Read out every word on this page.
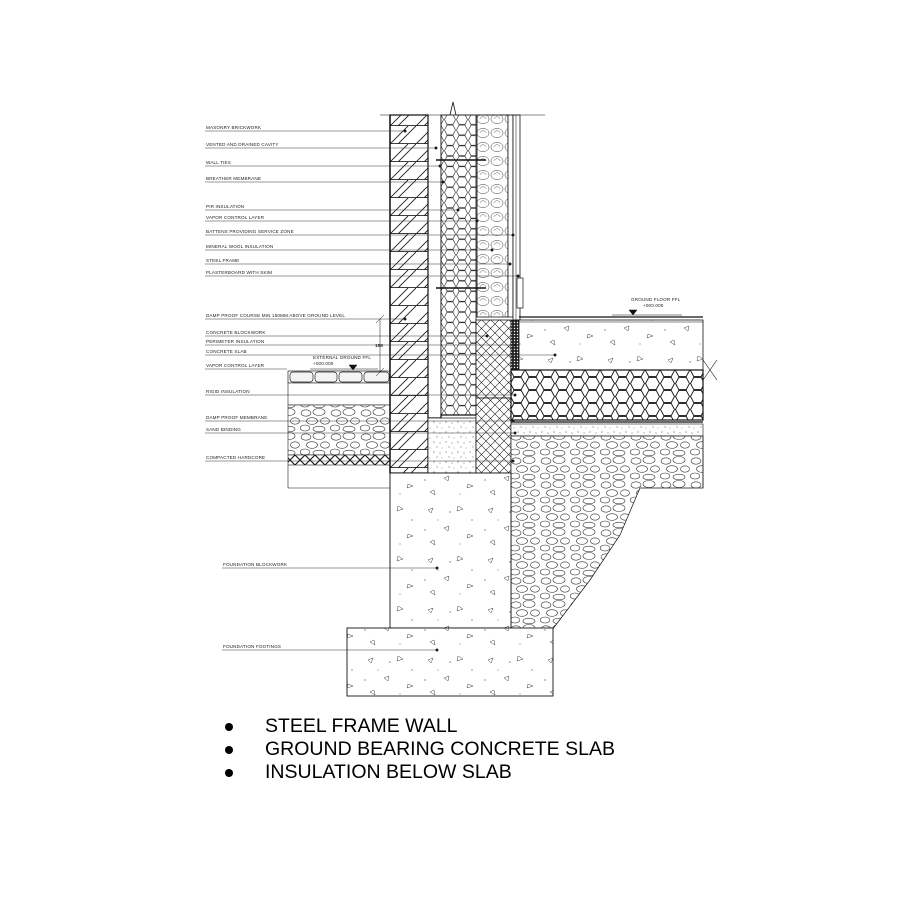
MASONRY BRICKWORK
VENTED AND DRAINED CAVITY
WALL TIES
BREATHER MEMBRANE
PIR INSULATION
VAPOR CONTROL LAYER
BATTENS PROVIDING SERVICE ZONE
MINERAL WOOL INSULATION
STEEL FRAME
PLASTERBOARD WITH SKIM
DAMP PROOF COURSE MIN 150MM ABOVE GROUND LEVEL
CONCRETE BLOCKWORK
PERIMETER INSULATION
CONCRETE SLAB
VAPOR CONTROL LAYER
RIGID INSULATION
DAMP PROOF MEMBRANE
SAND BINDING
COMPACTED HARDCORE
FOUNDATION BLOCKWORK
FOUNDATION FOOTINGS
EXTERNAL GROUND FFL
+000.000
GROUND FLOOR FFL
+000.000
150
STEEL FRAME WALL
GROUND BEARING CONCRETE SLAB
INSULATION BELOW SLAB
